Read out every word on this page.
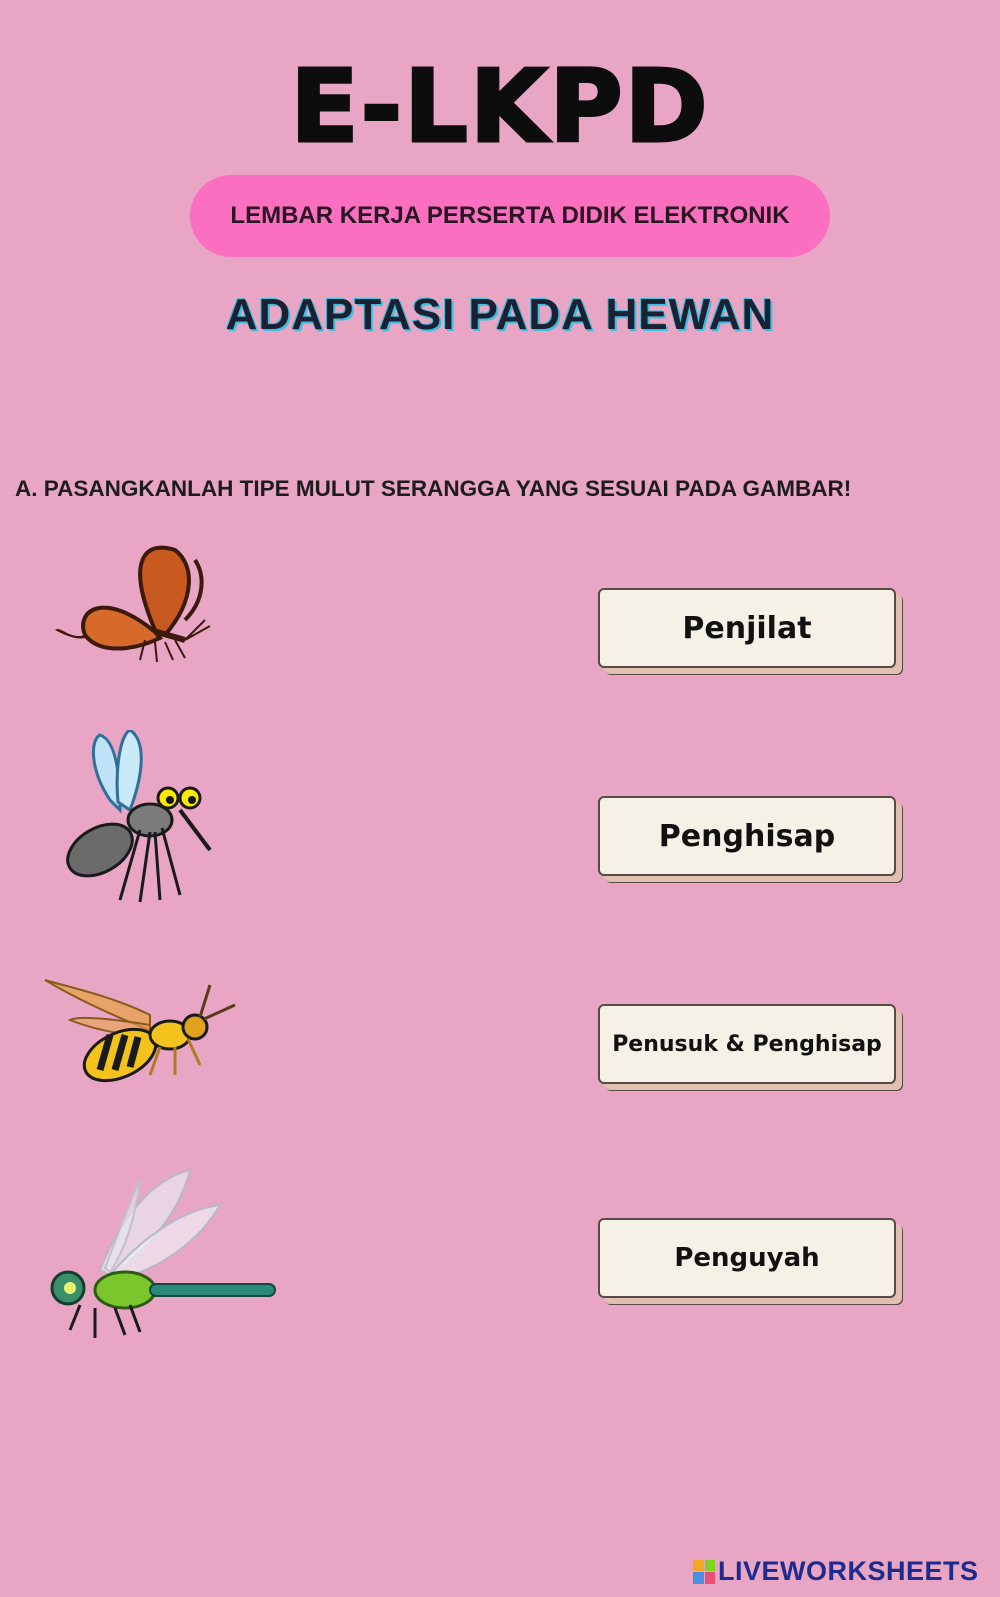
E-LKPD
LEMBAR KERJA PERSERTA DIDIK ELEKTRONIK
ADAPTASI PADA HEWAN
A. PASANGKANLAH TIPE MULUT SERANGGA YANG SESUAI PADA GAMBAR!
Penjilat
Penghisap
Penusuk & Penghisap
Penguyah
LIVEWORKSHEETS
